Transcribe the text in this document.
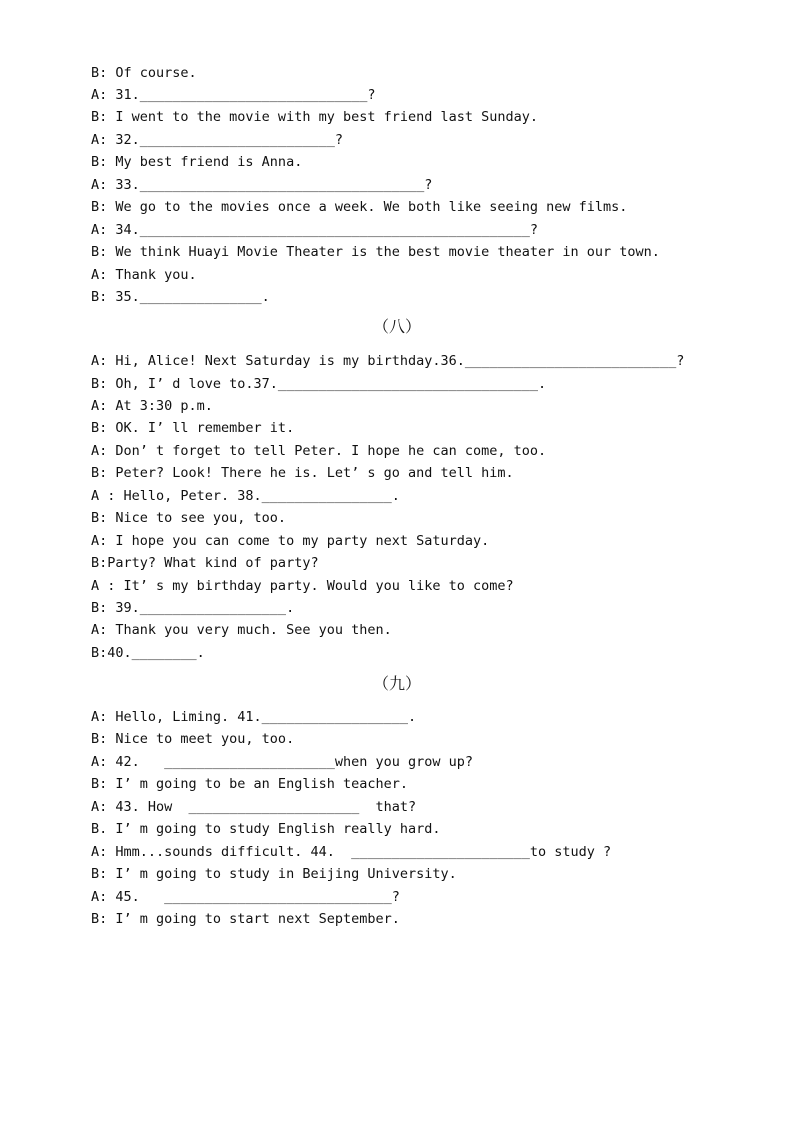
B: Of course.
A: 31.____________________________?
B: I went to the movie with my best friend last Sunday.
A: 32.________________________?
B: My best friend is Anna.
A: 33.___________________________________?
B: We go to the movies once a week. We both like seeing new films.
A: 34.________________________________________________?
B: We think Huayi Movie Theater is the best movie theater in our town.
A: Thank you.
B: 35._______________.
（八）
A: Hi, Alice! Next Saturday is my birthday.36.__________________________?
B: Oh, I’ d love to.37.________________________________.
A: At 3:30 p.m.
B: OK. I’ ll remember it.
A: Don’ t forget to tell Peter. I hope he can come, too.
B: Peter? Look! There he is. Let’ s go and tell him.
A : Hello, Peter. 38.________________.
B: Nice to see you, too.
A: I hope you can come to my party next Saturday.
B:Party? What kind of party?
A : It’ s my birthday party. Would you like to come?
B: 39.__________________.
A: Thank you very much. See you then.
B:40.________.
（九）
A: Hello, Liming. 41.__________________.
B: Nice to meet you, too.
A: 42.   _____________________when you grow up?
B: I’ m going to be an English teacher.
A: 43. How  _____________________  that?
B. I’ m going to study English really hard.
A: Hmm...sounds difficult. 44.  ______________________to study ?
B: I’ m going to study in Beijing University.
A: 45.   ____________________________?
B: I’ m going to start next September.
